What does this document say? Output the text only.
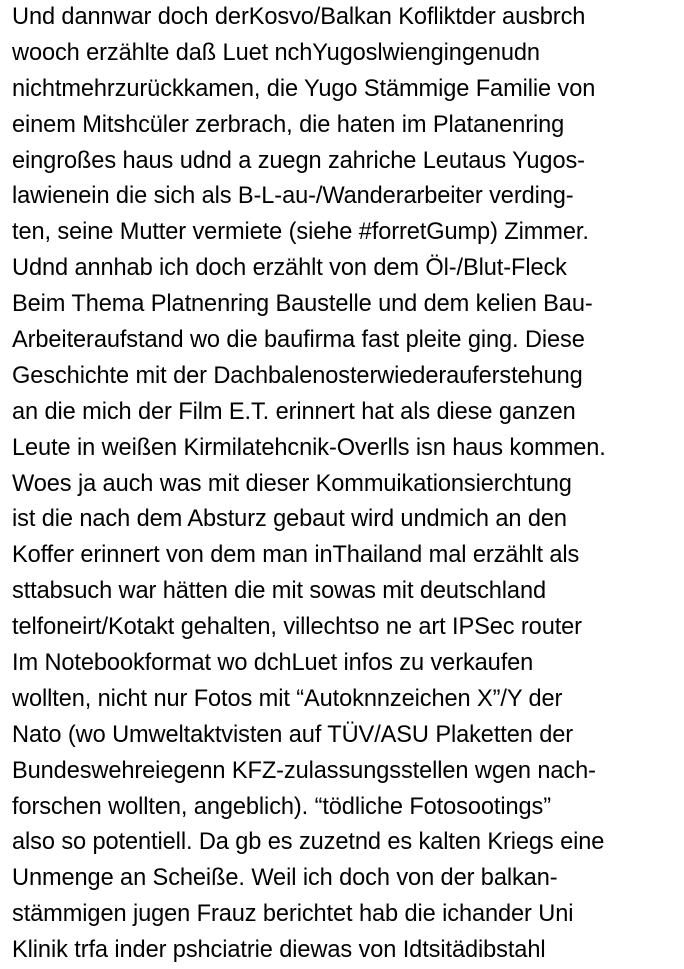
Und dannwar doch derKosvo/Balkan Kofliktder ausbrch
wooch erzählte daß Luet nchYugoslwiengingenudn
nichtmehrzurückkamen, die Yugo Stämmige Familie von
einem Mitshcüler zerbrach, die haten im Platanenring
eingroßes haus udnd a zuegn zahriche Leutaus Yugos-
lawienein die sich als B-L-au-/Wanderarbeiter verding-
ten, seine Mutter vermiete (siehe #forretGump) Zimmer.
Udnd annhab ich doch erzählt von dem Öl-/Blut-Fleck
Beim Thema Platnenring Baustelle und dem kelien Bau-
Arbeiteraufstand wo die baufirma fast pleite ging. Diese
Geschichte mit der Dachbalenosterwiederauferstehung
an die mich der Film E.T. erinnert hat als diese ganzen
Leute in weißen Kirmilatehcnik-Overlls isn haus kommen.
Woes ja auch was mit dieser Kommuikationsierchtung
ist die nach dem Absturz gebaut wird undmich an den
Koffer erinnert von dem man inThailand mal erzählt als
sttabsuch war hätten die mit sowas mit deutschland
telfoneirt/Kotakt gehalten, villechtso ne art IPSec router
Im Notebookformat wo dchLuet infos zu verkaufen
wollten, nicht nur Fotos mit “Autoknnzeichen X”/Y der
Nato (wo Umweltaktvisten auf TÜV/ASU Plaketten der
Bundeswehreiegenn KFZ-zulassungsstellen wgen nach-
forschen wollten, angeblich). “tödliche Fotosootings”
also so potentiell. Da gb es zuzetnd es kalten Kriegs eine
Unmenge an Scheiße. Weil ich doch von der balkan-
stämmigen jugen Frauz berichtet hab die ichander Uni
Klinik trfa inder pshciatrie diewas von Idtsitädibstahl
